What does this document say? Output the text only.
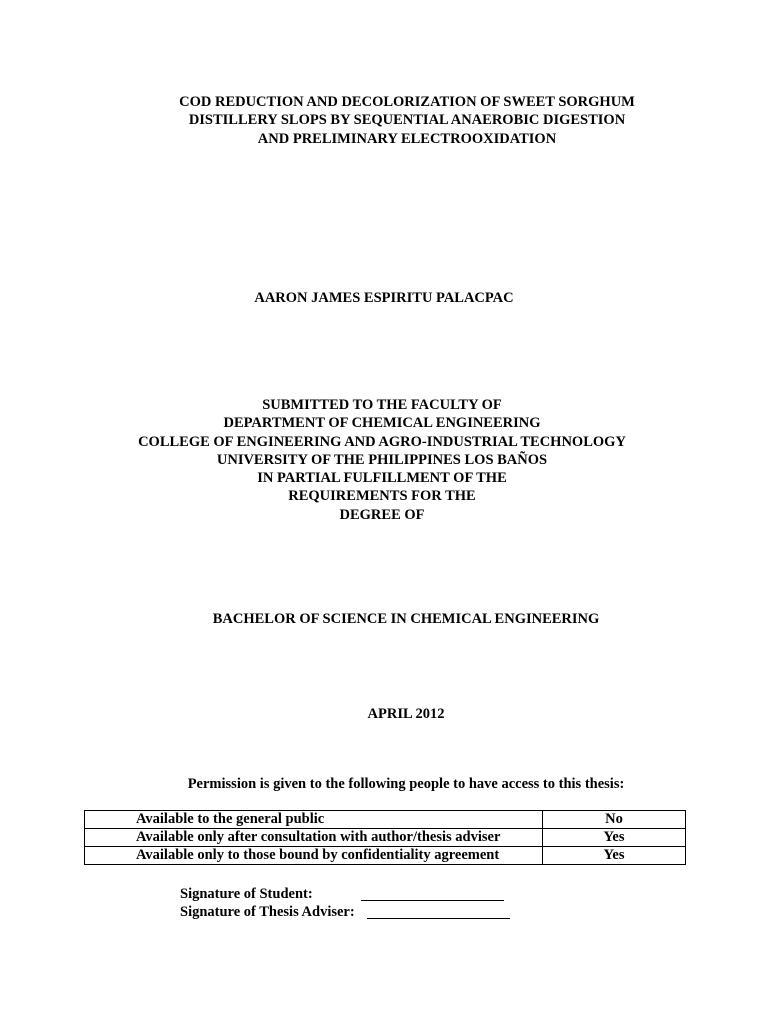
COD REDUCTION AND DECOLORIZATION OF SWEET SORGHUM
DISTILLERY SLOPS BY SEQUENTIAL ANAEROBIC DIGESTION
AND PRELIMINARY ELECTROOXIDATION
AARON JAMES ESPIRITU PALACPAC
SUBMITTED TO THE FACULTY OF
DEPARTMENT OF CHEMICAL ENGINEERING
COLLEGE OF ENGINEERING AND AGRO-INDUSTRIAL TECHNOLOGY
UNIVERSITY OF THE PHILIPPINES LOS BAÑOS
IN PARTIAL FULFILLMENT OF THE
REQUIREMENTS FOR THE
DEGREE OF
BACHELOR OF SCIENCE IN CHEMICAL ENGINEERING
APRIL 2012
Permission is given to the following people to have access to this thesis:
Available to the general public	No
Available only after consultation with author/thesis adviser	Yes
Available only to those bound by confidentiality agreement	Yes
Signature of Student:
Signature of Thesis Adviser:
